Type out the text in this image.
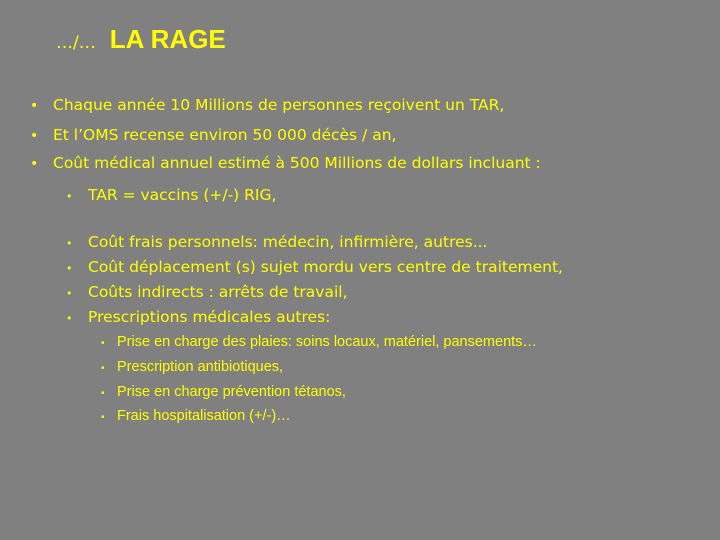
…/… LA RAGE
• Chaque année 10 Millions de personnes reçoivent un TAR,
• Et l’OMS recense environ 50 000 décès / an,
• Coût médical annuel estimé à 500 Millions de dollars incluant :
•	TAR = vaccins (+/-) RIG,
•	Coût frais personnels: médecin, infirmière, autres...
•	Coût déplacement (s) sujet mordu vers centre de traitement,
•	Coûts indirects : arrêts de travail,
•	Prescriptions médicales autres:
• Prise en charge des plaies: soins locaux, matériel, pansements…
• Prescription antibiotiques,
• Prise en charge prévention tétanos,
• Frais hospitalisation (+/-)…
